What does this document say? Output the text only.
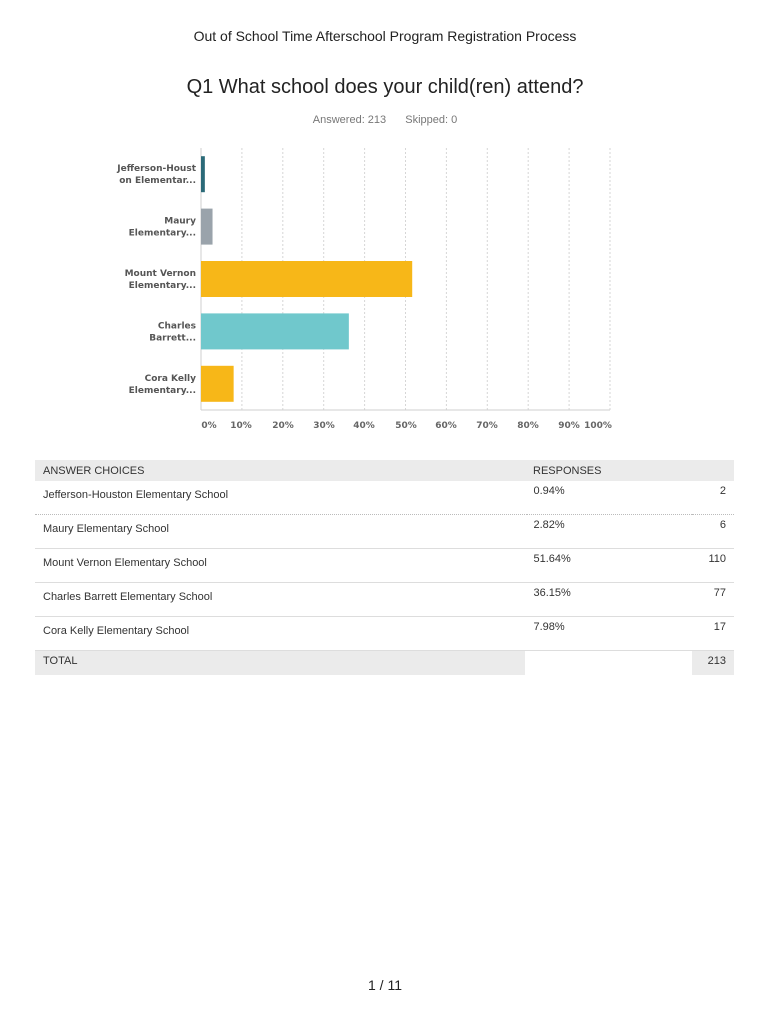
Out of School Time Afterschool Program Registration Process
Q1 What school does your child(ren) attend?
Answered: 213 Skipped: 0
Jefferson-Houst on Elementar...
Maury Elementary...
Mount Vernon Elementary...
Charles Barrett...
Cora Kelly Elementary...
0% 10% 20% 30% 40% 50% 60% 70% 80% 90% 100%
ANSWER CHOICES	RESPONSES	
Jefferson-Houston Elementary School	0.94%	2
Maury Elementary School	2.82%	6
Mount Vernon Elementary School	51.64%	110
Charles Barrett Elementary School	36.15%	77
Cora Kelly Elementary School	7.98%	17
TOTAL		213
1 / 11
